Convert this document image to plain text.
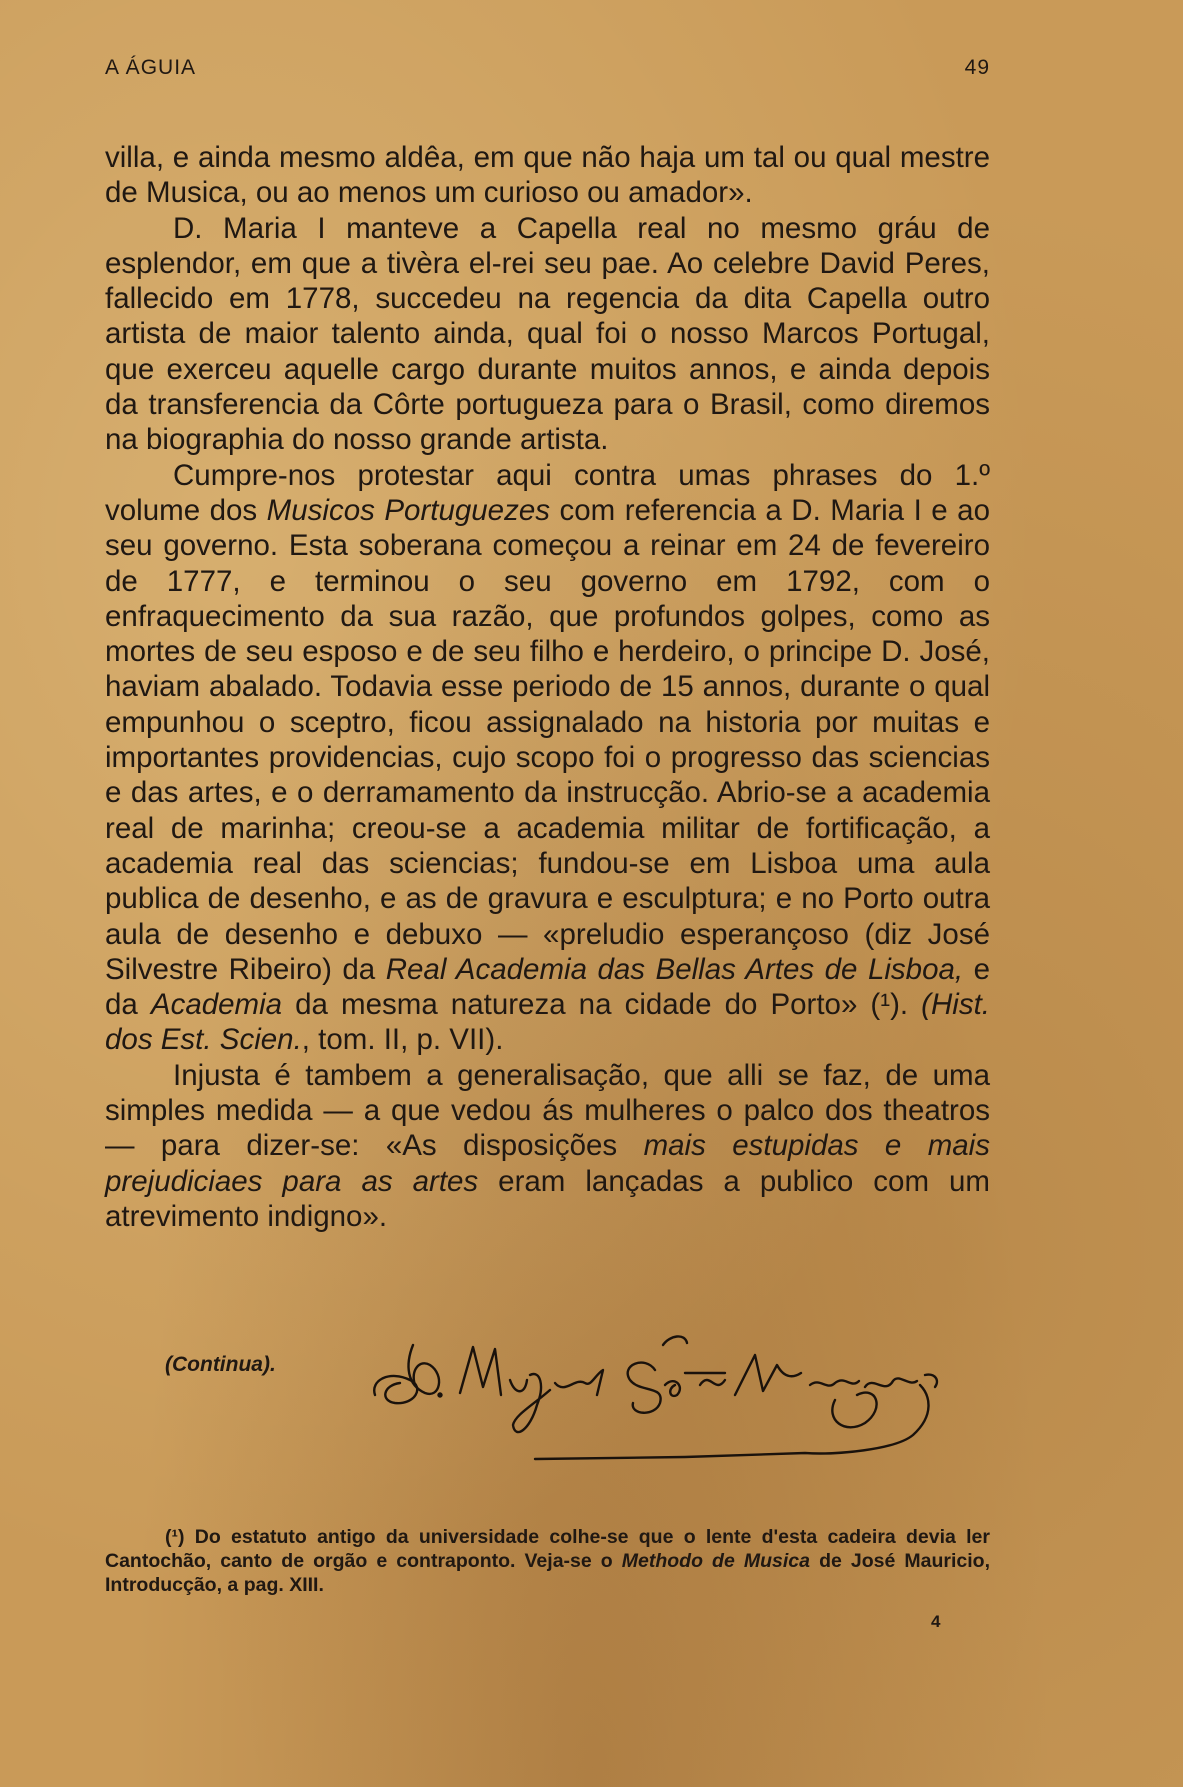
A ÁGUIA	49

villa, e ainda mesmo aldêa, em que não haja um tal ou qual mestre de Musica, ou ao menos um curioso ou amador».

D. Maria I manteve a Capella real no mesmo gráu de esplendor, em que a tivèra el-rei seu pae. Ao celebre David Peres, fallecido em 1778, succedeu na regencia da dita Capella outro artista de maior talento ainda, qual foi o nosso Marcos Portugal, que exerceu aquelle cargo durante muitos annos, e ainda depois da transferencia da Côrte portugueza para o Brasil, como diremos na biographia do nosso grande artista.

Cumpre-nos protestar aqui contra umas phrases do 1.º volume dos Musicos Portuguezes com referencia a D. Maria I e ao seu governo. Esta soberana começou a reinar em 24 de fevereiro de 1777, e terminou o seu governo em 1792, com o enfraquecimento da sua razão, que profundos golpes, como as mortes de seu esposo e de seu filho e herdeiro, o principe D. José, haviam abalado. Todavia esse periodo de 15 annos, durante o qual empunhou o sceptro, ficou assignalado na historia por muitas e importantes providencias, cujo scopo foi o progresso das sciencias e das artes, e o derramamento da instrucção. Abrio-se a academia real de marinha; creou-se a academia militar de fortificação, a academia real das sciencias; fundou-se em Lisboa uma aula publica de desenho, e as de gravura e esculptura; e no Porto outra aula de desenho e debuxo — «preludio esperançoso (diz José Silvestre Ribeiro) da Real Academia das Bellas Artes de Lisboa, e da Academia da mesma natureza na cidade do Porto» (¹). (Hist. dos Est. Scien., tom. II, p. VII).

Injusta é tambem a generalisação, que alli se faz, de uma simples medida — a que vedou ás mulheres o palco dos theatros — para dizer-se: «As disposições mais estupidas e mais prejudiciaes para as artes eram lançadas a publico com um atrevimento indigno».

(Continua).

(¹) Do estatuto antigo da universidade colhe-se que o lente d'esta cadeira devia ler Cantochão, canto de orgão e contraponto. Veja-se o Methodo de Musica de José Mauricio, Introducção, a pag. XIII.

4
